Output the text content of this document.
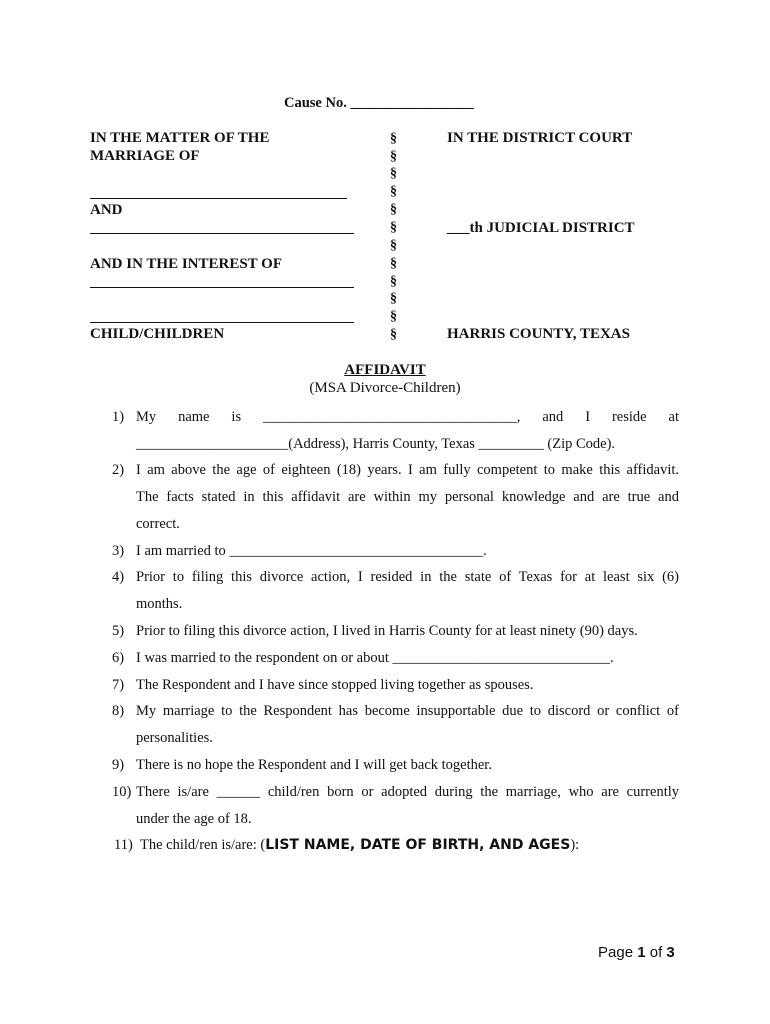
Cause No. _________________
IN THE MATTER OF THE
MARRIAGE OF
AND
AND IN THE INTEREST OF
CHILD/CHILDREN
§
§
§
§
§
§
§
§
§
§
§
§
IN THE DISTRICT COURT
___th JUDICIAL DISTRICT
HARRIS COUNTY, TEXAS
AFFIDAVIT
(MSA Divorce-Children)
1) My name is ___________________________________, and I reside at
_____________________(Address), Harris County, Texas _________ (Zip Code).
2) I am above the age of eighteen (18) years. I am fully competent to make this affidavit.
The facts stated in this affidavit are within my personal knowledge and are true and
correct.
3) I am married to ___________________________________.
4) Prior to filing this divorce action, I resided in the state of Texas for at least six (6)
months.
5) Prior to filing this divorce action, I lived in Harris County for at least ninety (90) days.
6) I was married to the respondent on or about ______________________________.
7) The Respondent and I have since stopped living together as spouses.
8) My marriage to the Respondent has become insupportable due to discord or conflict of
personalities.
9) There is no hope the Respondent and I will get back together.
10) There is/are ______ child/ren born or adopted during the marriage, who are currently
under the age of 18.
11) The child/ren is/are: (LIST NAME, DATE OF BIRTH, AND AGES):
Page 1 of 3
